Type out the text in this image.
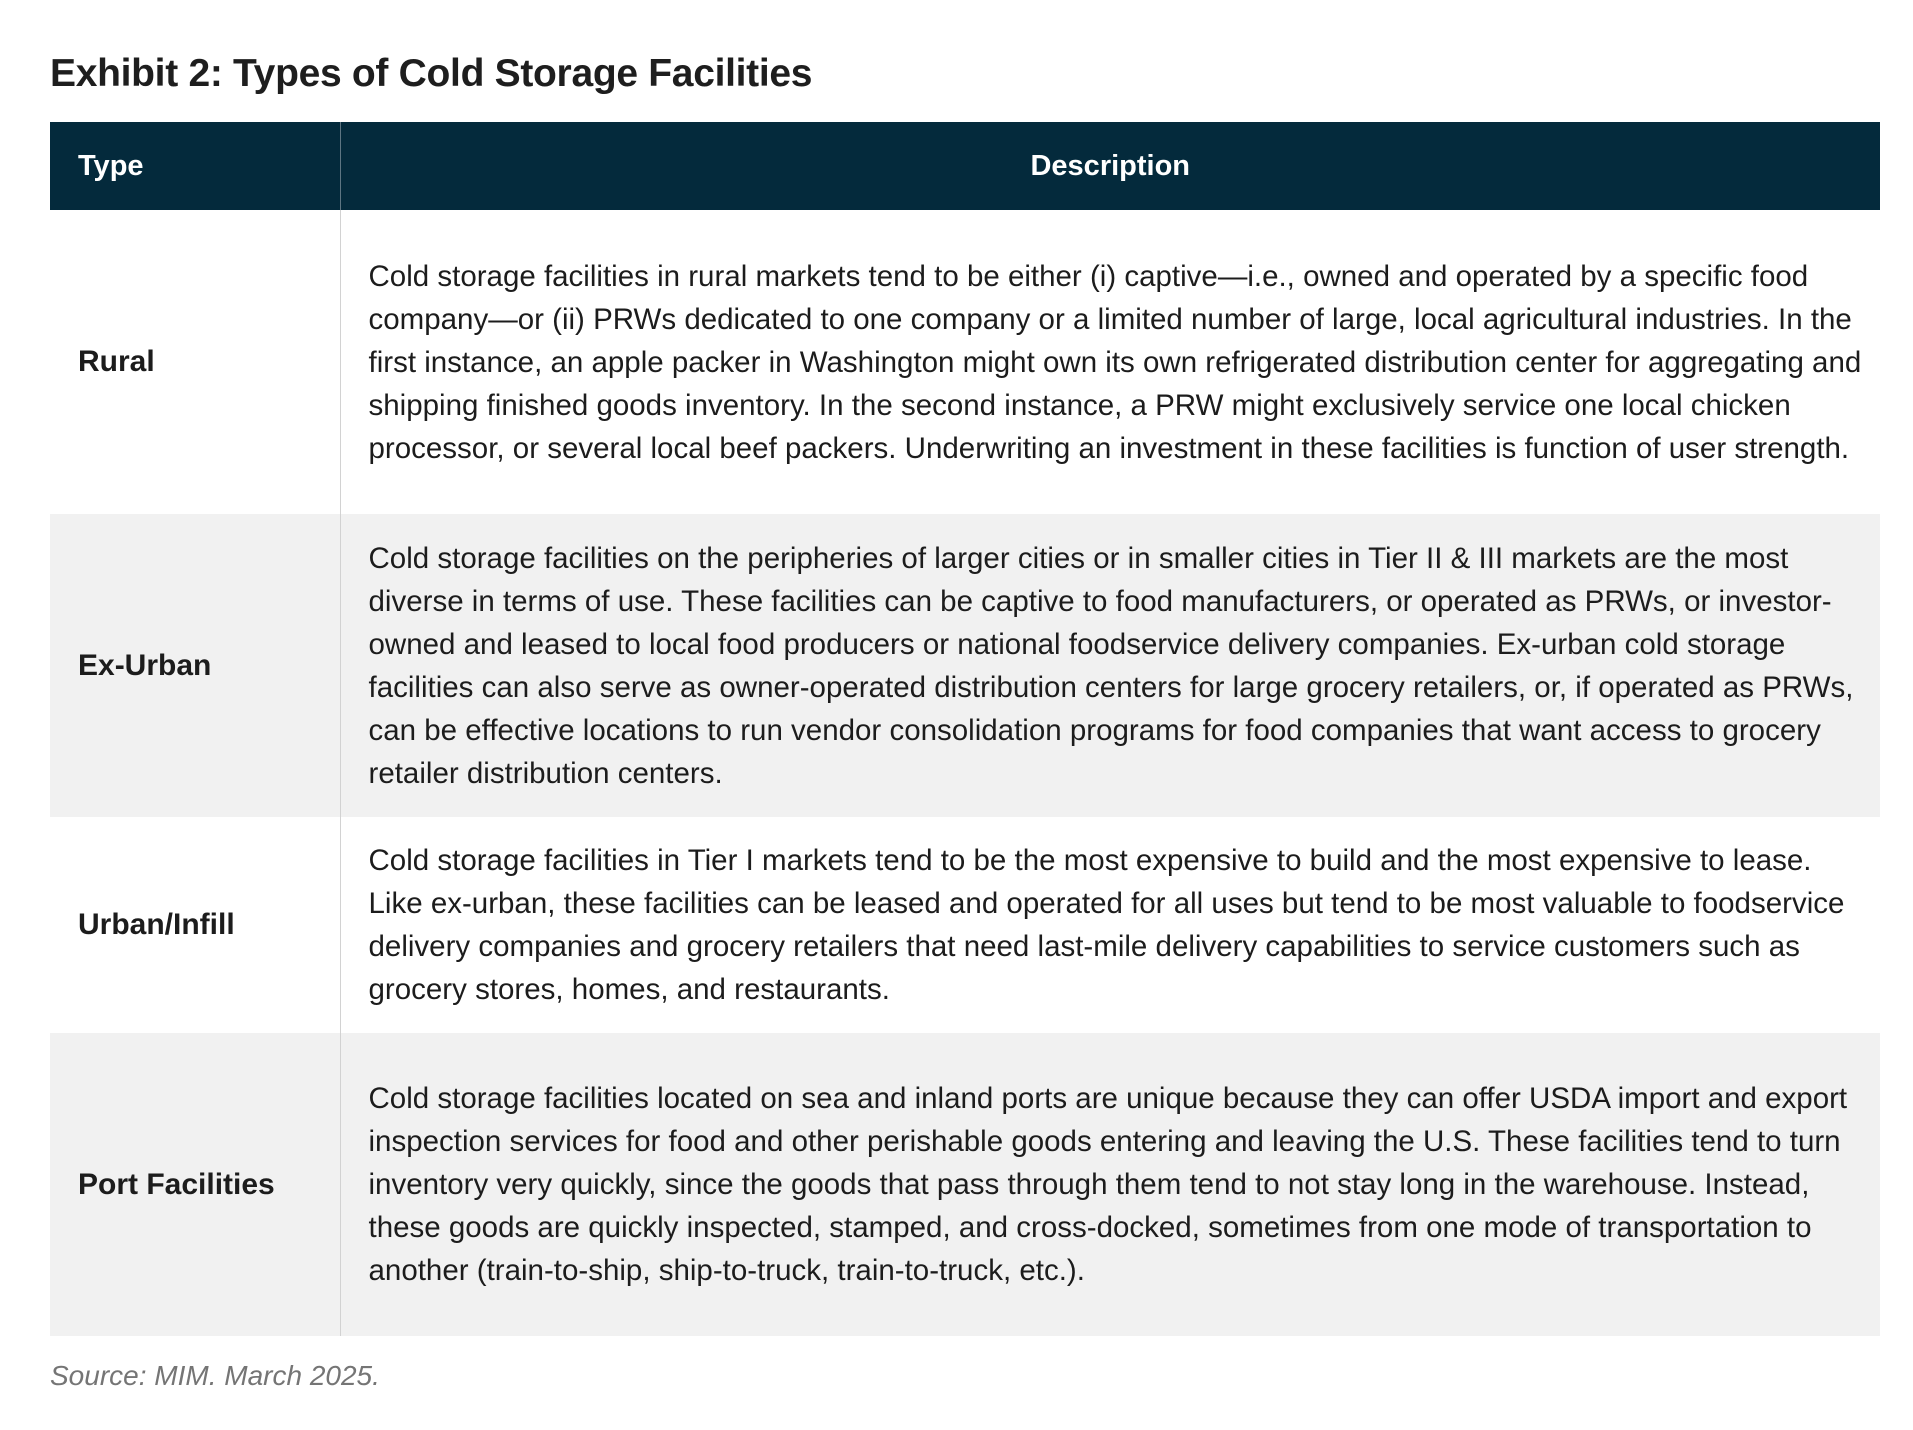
Exhibit 2: Types of Cold Storage Facilities
Type	Description
Rural	Cold storage facilities in rural markets tend to be either (i) captive—i.e., owned and operated by a specific food company—or (ii) PRWs dedicated to one company or a limited number of large, local agricultural industries. In the first instance, an apple packer in Washington might own its own refrigerated distribution center for aggregating and shipping finished goods inventory. In the second instance, a PRW might exclusively service one local chicken processor, or several local beef packers. Underwriting an investment in these facilities is function of user strength.
Ex-Urban	Cold storage facilities on the peripheries of larger cities or in smaller cities in Tier II & III markets are the most diverse in terms of use. These facilities can be captive to food manufacturers, or operated as PRWs, or investor-owned and leased to local food producers or national foodservice delivery companies. Ex-urban cold storage facilities can also serve as owner-operated distribution centers for large grocery retailers, or, if operated as PRWs, can be effective locations to run vendor consolidation programs for food companies that want access to grocery retailer distribution centers.
Urban/Infill	Cold storage facilities in Tier I markets tend to be the most expensive to build and the most expensive to lease. Like ex-urban, these facilities can be leased and operated for all uses but tend to be most valuable to foodservice delivery companies and grocery retailers that need last-mile delivery capabilities to service customers such as grocery stores, homes, and restaurants.
Port Facilities	Cold storage facilities located on sea and inland ports are unique because they can offer USDA import and export inspection services for food and other perishable goods entering and leaving the U.S. These facilities tend to turn inventory very quickly, since the goods that pass through them tend to not stay long in the warehouse. Instead, these goods are quickly inspected, stamped, and cross-docked, sometimes from one mode of transportation to another (train-to-ship, ship-to-truck, train-to-truck, etc.).
Source: MIM. March 2025.
